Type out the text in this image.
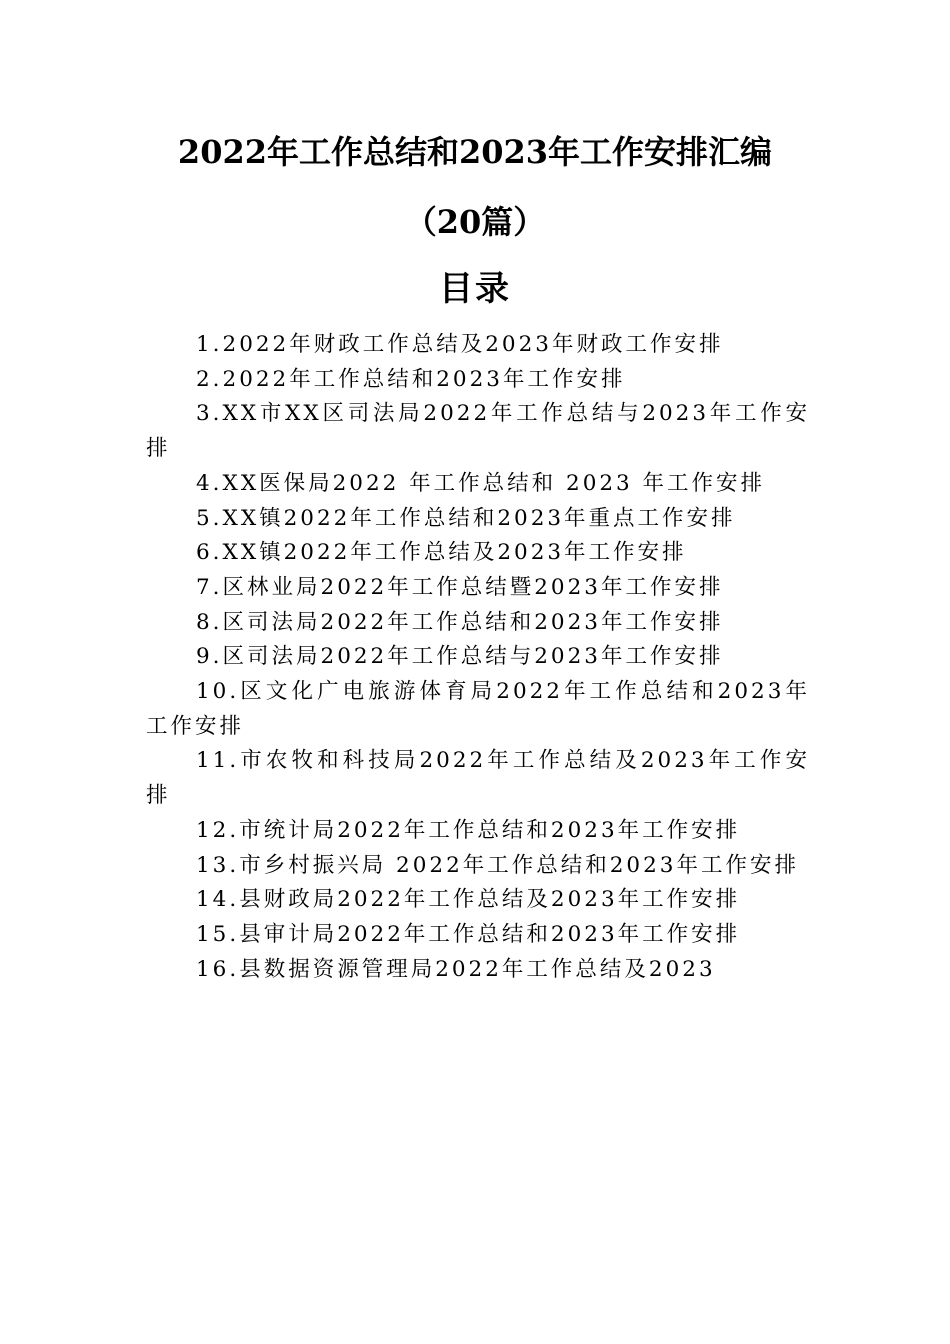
2022年工作总结和2023年工作安排汇编
（20篇）
目录
1.2022年财政工作总结及2023年财政工作安排
2.2022年工作总结和2023年工作安排
3.XX市XX区司法局2022年工作总结与2023年工作安排
4.XX医保局2022 年工作总结和 2023 年工作安排
5.XX镇2022年工作总结和2023年重点工作安排
6.XX镇2022年工作总结及2023年工作安排
7.区林业局2022年工作总结暨2023年工作安排
8.区司法局2022年工作总结和2023年工作安排
9.区司法局2022年工作总结与2023年工作安排
10.区文化广电旅游体育局2022年工作总结和2023年工作安排
11.市农牧和科技局2022年工作总结及2023年工作安排
12.市统计局2022年工作总结和2023年工作安排
13.市乡村振兴局 2022年工作总结和2023年工作安排
14.县财政局2022年工作总结及2023年工作安排
15.县审计局2022年工作总结和2023年工作安排
16.县数据资源管理局2022年工作总结及2023
